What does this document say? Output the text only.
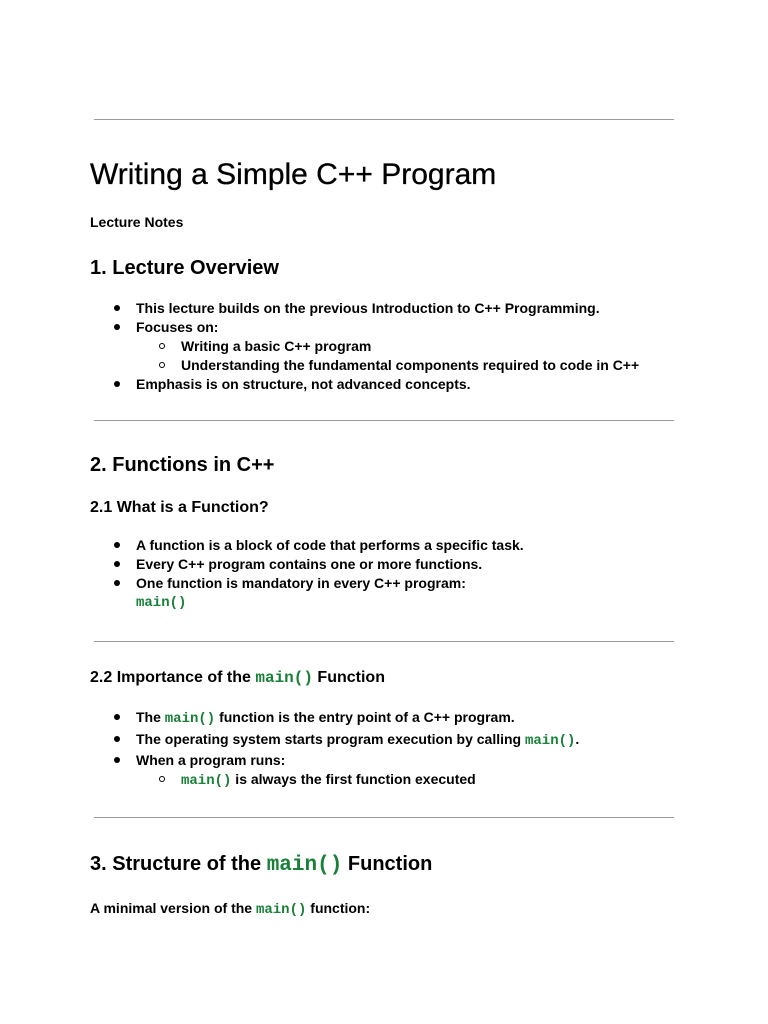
Writing a Simple C++ Program
Lecture Notes
1. Lecture Overview
This lecture builds on the previous Introduction to C++ Programming.
Focuses on:
Writing a basic C++ program
Understanding the fundamental components required to code in C++
Emphasis is on structure, not advanced concepts.
2. Functions in C++
2.1 What is a Function?
A function is a block of code that performs a specific task.
Every C++ program contains one or more functions.
One function is mandatory in every C++ program:
main()
2.2 Importance of the main() Function
The main() function is the entry point of a C++ program.
The operating system starts program execution by calling main().
When a program runs:
main() is always the first function executed
3. Structure of the main() Function
A minimal version of the main() function:
